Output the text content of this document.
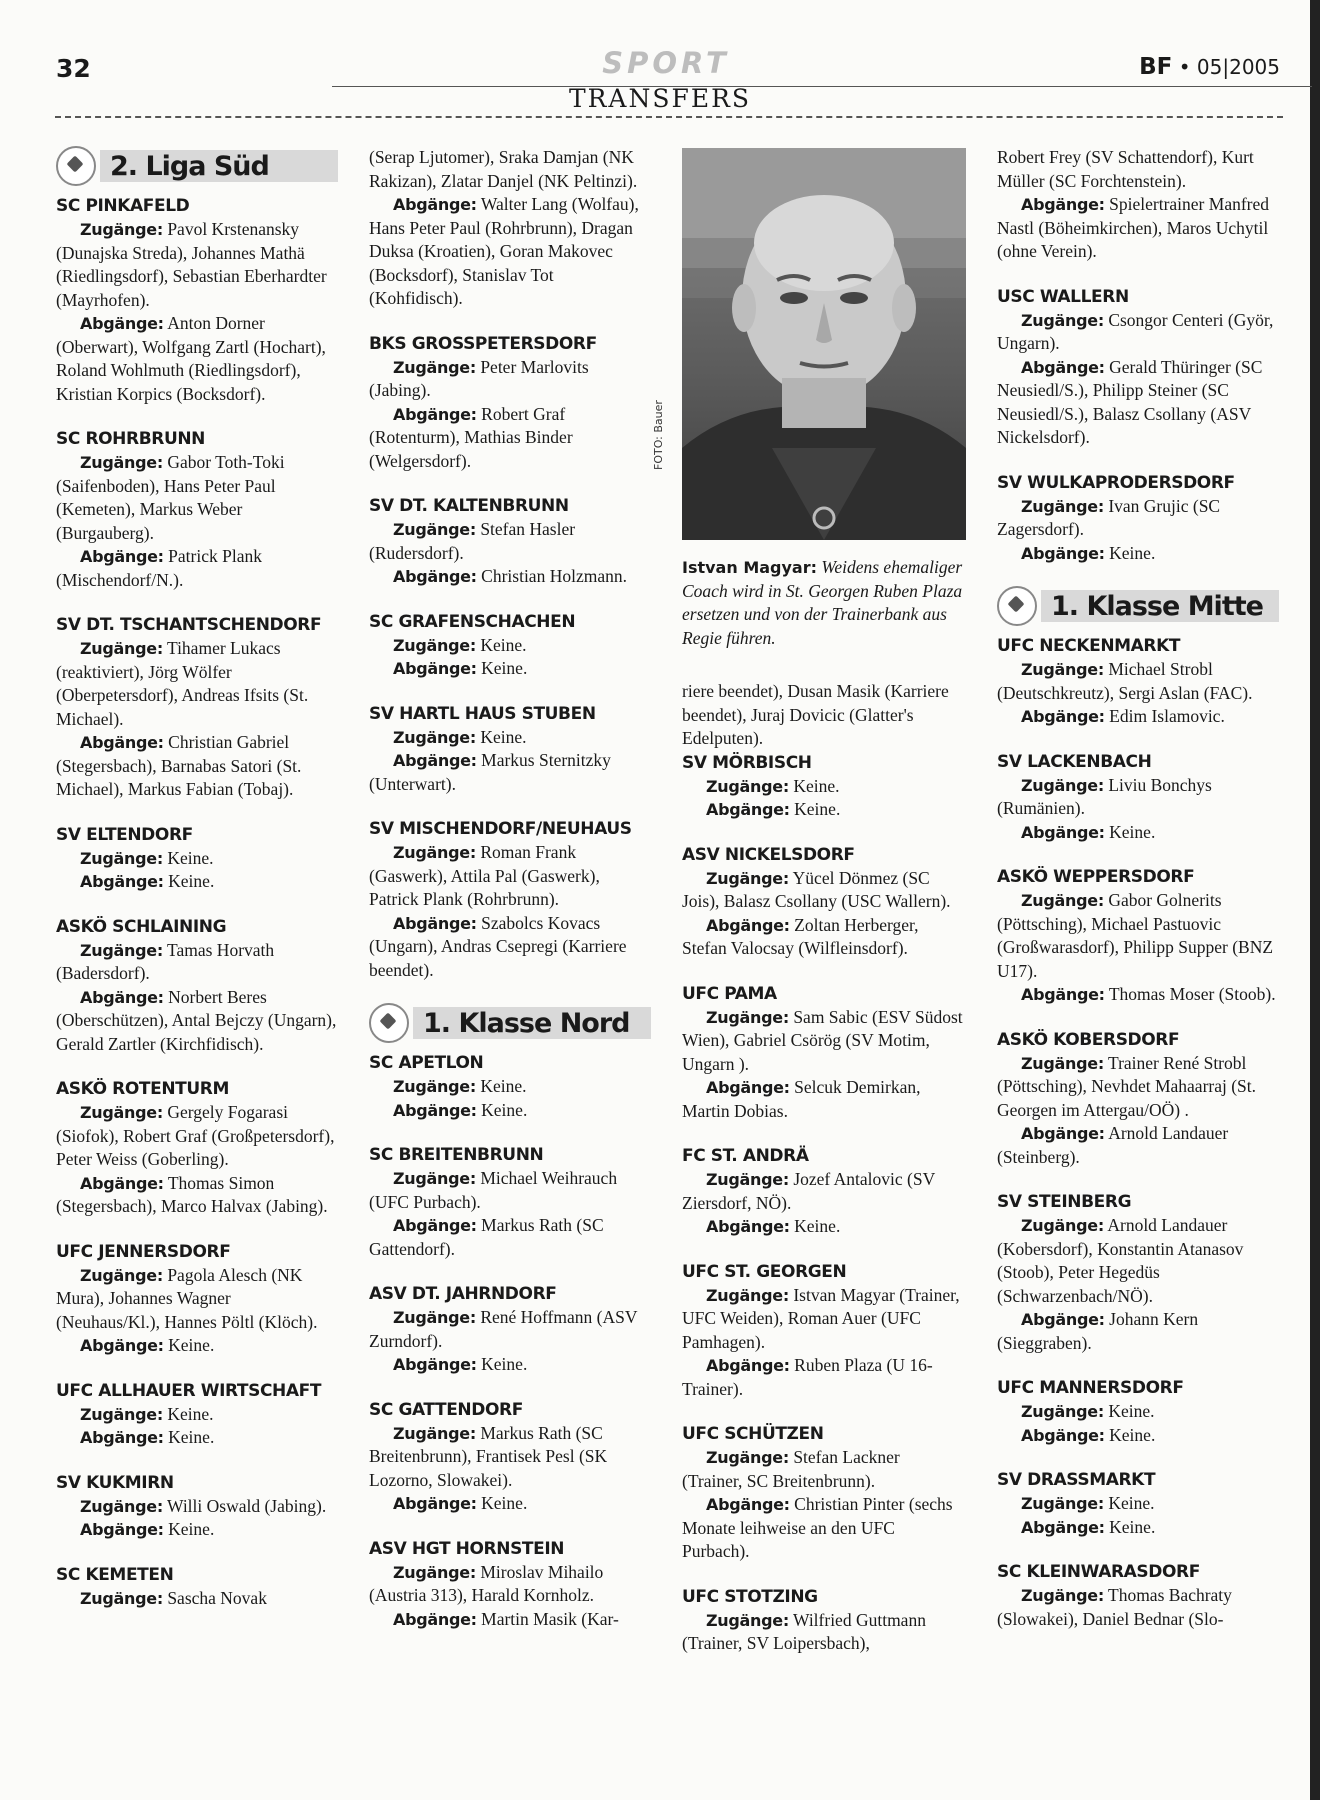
32	SPORT	BF • 05|2005
TRANSFERS
2. Liga Süd

SC PINKAFELD

Zugänge: Pavol Krstenansky (Dunajska Streda), Johannes Mathä (Riedlingsdorf), Sebastian Eberhardter (Mayrhofen).

Abgänge: Anton Dorner (Oberwart), Wolfgang Zartl (Hochart), Roland Wohlmuth (Riedlingsdorf), Kristian Korpics (Bocksdorf).

SC ROHRBRUNN

Zugänge: Gabor Toth-Toki (Saifenboden), Hans Peter Paul (Kemeten), Markus Weber (Burgauberg).

Abgänge: Patrick Plank (Mischendorf/N.).

SV DT. TSCHANTSCHENDORF

Zugänge: Tihamer Lukacs (reaktiviert), Jörg Wölfer (Oberpetersdorf), Andreas Ifsits (St. Michael).

Abgänge: Christian Gabriel (Stegersbach), Barnabas Satori (St. Michael), Markus Fabian (Tobaj).

SV ELTENDORF

Zugänge: Keine.

Abgänge: Keine.

ASKÖ SCHLAINING

Zugänge: Tamas Horvath (Badersdorf).

Abgänge: Norbert Beres (Oberschützen), Antal Bejczy (Ungarn), Gerald Zartler (Kirchfidisch).

ASKÖ ROTENTURM

Zugänge: Gergely Fogarasi (Siofok), Robert Graf (Großpetersdorf), Peter Weiss (Goberling).

Abgänge: Thomas Simon (Stegersbach), Marco Halvax (Jabing).

UFC JENNERSDORF

Zugänge: Pagola Alesch (NK Mura), Johannes Wagner (Neuhaus/Kl.), Hannes Pöltl (Klöch).

Abgänge: Keine.

UFC ALLHAUER WIRTSCHAFT

Zugänge: Keine.

Abgänge: Keine.

SV KUKMIRN

Zugänge: Willi Oswald (Jabing).

Abgänge: Keine.

SC KEMETEN

Zugänge: Sascha Novak

(Serap Ljutomer), Sraka Damjan (NK Rakizan), Zlatar Danjel (NK Peltinzi).

Abgänge: Walter Lang (Wolfau), Hans Peter Paul (Rohrbrunn), Dragan Duksa (Kroatien), Goran Makovec (Bocksdorf), Stanislav Tot (Kohfidisch).

BKS GROSSPETERSDORF

Zugänge: Peter Marlovits (Jabing).

Abgänge: Robert Graf (Rotenturm), Mathias Binder (Welgersdorf).

SV DT. KALTENBRUNN

Zugänge: Stefan Hasler (Rudersdorf).

Abgänge: Christian Holzmann.

SC GRAFENSCHACHEN

Zugänge: Keine.

Abgänge: Keine.

SV HARTL HAUS STUBEN

Zugänge: Keine.

Abgänge: Markus Sternitzky (Unterwart).

SV MISCHENDORF/NEUHAUS

Zugänge: Roman Frank (Gaswerk), Attila Pal (Gaswerk), Patrick Plank (Rohrbrunn).

Abgänge: Szabolcs Kovacs (Ungarn), Andras Csepregi (Karriere beendet).

1. Klasse Nord

SC APETLON

Zugänge: Keine.

Abgänge: Keine.

SC BREITENBRUNN

Zugänge: Michael Weihrauch (UFC Purbach).

Abgänge: Markus Rath (SC Gattendorf).

ASV DT. JAHRNDORF

Zugänge: René Hoffmann (ASV Zurndorf).

Abgänge: Keine.

SC GATTENDORF

Zugänge: Markus Rath (SC Breitenbrunn), Frantisek Pesl (SK Lozorno, Slowakei).

Abgänge: Keine.

ASV HGT HORNSTEIN

Zugänge: Miroslav Mihailo (Austria 313), Harald Kornholz.

Abgänge: Martin Masik (Kar-

riere beendet), Dusan Masik (Karriere beendet), Juraj Dovicic (Glatter's Edelputen).

SV MÖRBISCH

Zugänge: Keine.

Abgänge: Keine.

ASV NICKELSDORF

Zugänge: Yücel Dönmez (SC Jois), Balasz Csollany (USC Wallern).

Abgänge: Zoltan Herberger, Stefan Valocsay (Wilfleinsdorf).

UFC PAMA

Zugänge: Sam Sabic (ESV Südost Wien), Gabriel Csörög (SV Motim, Ungarn ).

Abgänge: Selcuk Demirkan, Martin Dobias.

FC ST. ANDRÄ

Zugänge: Jozef Antalovic (SV Ziersdorf, NÖ).

Abgänge: Keine.

UFC ST. GEORGEN

Zugänge: Istvan Magyar (Trainer, UFC Weiden), Roman Auer (UFC Pamhagen).

Abgänge: Ruben Plaza (U 16-Trainer).

UFC SCHÜTZEN

Zugänge: Stefan Lackner (Trainer, SC Breitenbrunn).

Abgänge: Christian Pinter (sechs Monate leihweise an den UFC Purbach).

UFC STOTZING

Zugänge: Wilfried Guttmann (Trainer, SV Loipersbach),

Robert Frey (SV Schattendorf), Kurt Müller (SC Forchtenstein).

Abgänge: Spielertrainer Manfred Nastl (Böheimkirchen), Maros Uchytil (ohne Verein).

USC WALLERN

Zugänge: Csongor Centeri (Györ, Ungarn).

Abgänge: Gerald Thüringer (SC Neusiedl/S.), Philipp Steiner (SC Neusiedl/S.), Balasz Csollany (ASV Nickelsdorf).

SV WULKAPRODERSDORF

Zugänge: Ivan Grujic (SC Zagersdorf).

Abgänge: Keine.

1. Klasse Mitte

UFC NECKENMARKT

Zugänge: Michael Strobl (Deutschkreutz), Sergi Aslan (FAC).

Abgänge: Edim Islamovic.

SV LACKENBACH

Zugänge: Liviu Bonchys (Rumänien).

Abgänge: Keine.

ASKÖ WEPPERSDORF

Zugänge: Gabor Golnerits (Pöttsching), Michael Pastuovic (Großwarasdorf), Philipp Supper (BNZ U17).

Abgänge: Thomas Moser (Stoob).

ASKÖ KOBERSDORF

Zugänge: Trainer René Strobl (Pöttsching), Nevhdet Mahaarraj (St. Georgen im Attergau/OÖ) .

Abgänge: Arnold Landauer (Steinberg).

SV STEINBERG

Zugänge: Arnold Landauer (Kobersdorf), Konstantin Atanasov (Stoob), Peter Hegedüs (Schwarzenbach/NÖ).

Abgänge: Johann Kern (Sieggraben).

UFC MANNERSDORF

Zugänge: Keine.

Abgänge: Keine.

SV DRASSMARKT

Zugänge: Keine.

Abgänge: Keine.

SC KLEINWARASDORF

Zugänge: Thomas Bachraty (Slowakei), Daniel Bednar (Slo-

FOTO: Bauer
Istvan Magyar: Weidens ehemaliger Coach wird in St. Georgen Ruben Plaza ersetzen und von der Trainerbank aus Regie führen.
